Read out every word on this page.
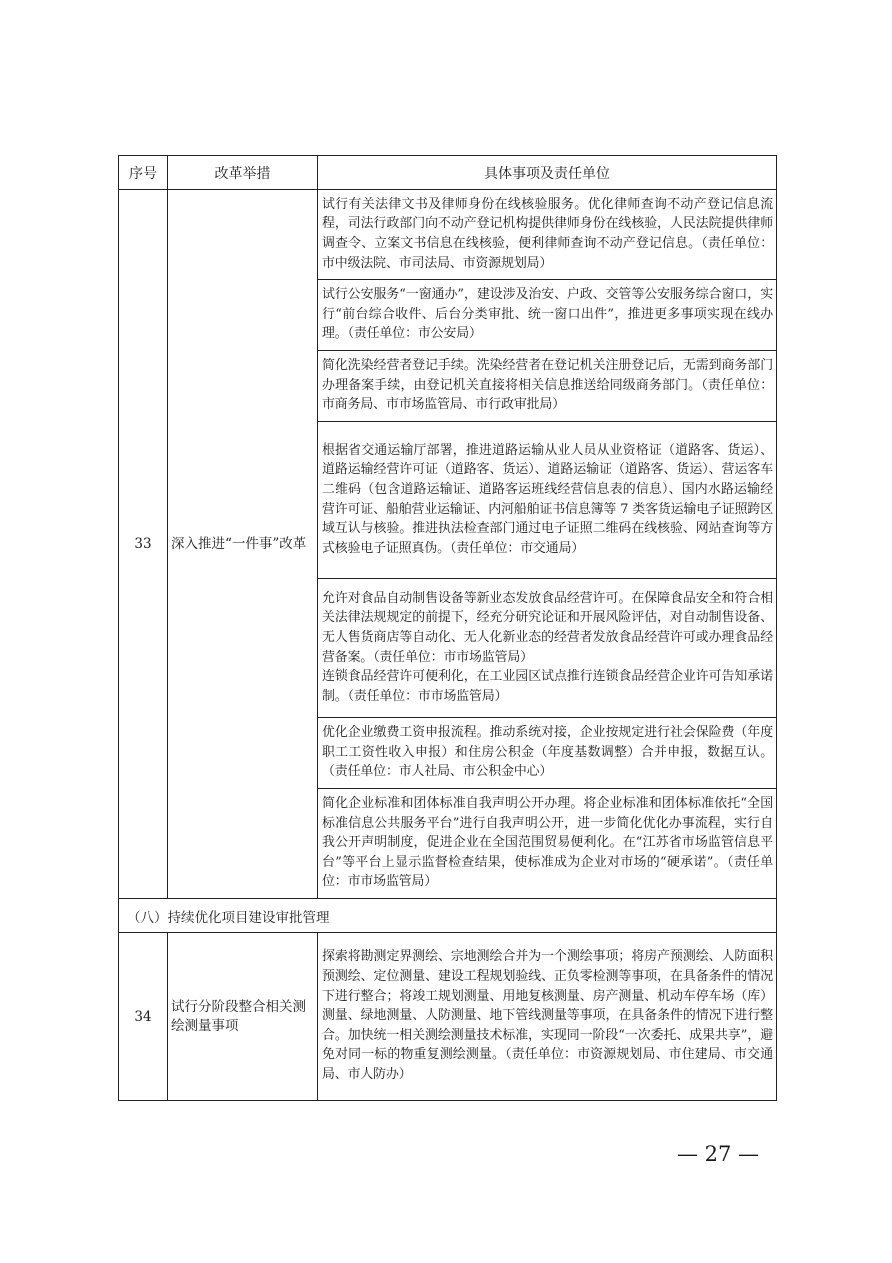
序号	改革举措	具体事项及责任单位
33	深入推进“一件事”改革	试行有关法律文书及律师身份在线核验服务。优化律师查询不动产登记信息流程，司法行政部门向不动产登记机构提供律师身份在线核验，人民法院提供律师调查令、立案文书信息在线核验，便利律师查询不动产登记信息。（责任单位：市中级法院、市司法局、市资源规划局）

		试行公安服务“一窗通办”，建设涉及治安、户政、交管等公安服务综合窗口，实行“前台综合收件、后台分类审批、统一窗口出件”，推进更多事项实现在线办理。（责任单位：市公安局）

		简化洗染经营者登记手续。洗染经营者在登记机关注册登记后，无需到商务部门办理备案手续，由登记机关直接将相关信息推送给同级商务部门。（责任单位：市商务局、市市场监管局、市行政审批局）

		根据省交通运输厅部署，推进道路运输从业人员从业资格证（道路客、货运）、道路运输经营许可证（道路客、货运）、道路运输证（道路客、货运）、营运客车二维码（包含道路运输证、道路客运班线经营信息表的信息）、国内水路运输经营许可证、船舶营业运输证、内河船舶证书信息簿等 7 类客货运输电子证照跨区域互认与核验。推进执法检查部门通过电子证照二维码在线核验、网站查询等方式核验电子证照真伪。（责任单位：市交通局）

		允许对食品自动制售设备等新业态发放食品经营许可。在保障食品安全和符合相关法律法规规定的前提下，经充分研究论证和开展风险评估，对自动制售设备、无人售货商店等自动化、无人化新业态的经营者发放食品经营许可或办理食品经营备案。（责任单位：市市场监管局）

连锁食品经营许可便利化，在工业园区试点推行连锁食品经营企业许可告知承诺制。（责任单位：市市场监管局）

		优化企业缴费工资申报流程。推动系统对接，企业按规定进行社会保险费（年度职工工资性收入申报）和住房公积金（年度基数调整）合并申报，数据互认。（责任单位：市人社局、市公积金中心）

		简化企业标准和团体标准自我声明公开办理。将企业标准和团体标准依托“全国标准信息公共服务平台”进行自我声明公开，进一步简化优化办事流程，实行自我公开声明制度，促进企业在全国范围贸易便利化。在“江苏省市场监管信息平台”等平台上显示监督检查结果，使标准成为企业对市场的“硬承诺”。（责任单位：市市场监管局）

（八）持续优化项目建设审批管理		
34	试行分阶段整合相关测绘测量事项	探索将勘测定界测绘、宗地测绘合并为一个测绘事项；将房产预测绘、人防面积预测绘、定位测量、建设工程规划验线、正负零检测等事项，在具备条件的情况下进行整合；将竣工规划测量、用地复核测量、房产测量、机动车停车场（库）测量、绿地测量、人防测量、地下管线测量等事项，在具备条件的情况下进行整合。加快统一相关测绘测量技术标准，实现同一阶段“一次委托、成果共享”，避免对同一标的物重复测绘测量。（责任单位：市资源规划局、市住建局、市交通局、市人防办）
— 27 —
